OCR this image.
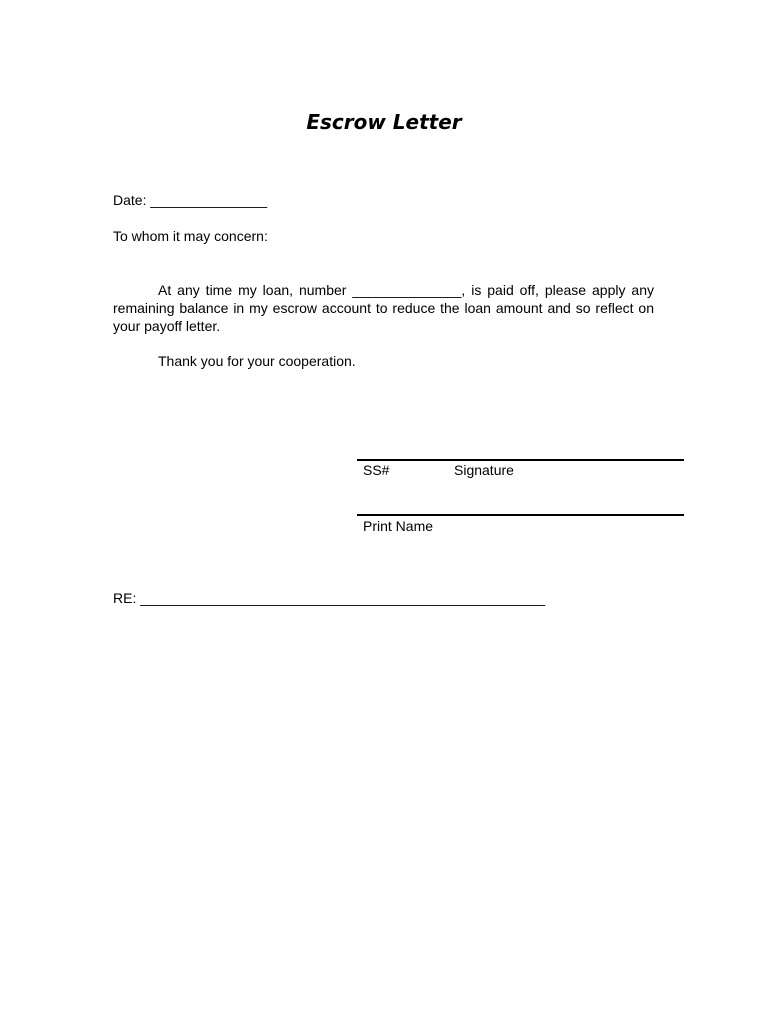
Escrow Letter
Date: _______________
To whom it may concern:

At any time my loan, number ______________, is paid off, please apply any remaining balance in my escrow account to reduce the loan amount and so reflect on your payoff letter.

Thank you for your cooperation.
SS#	Signature
Print Name
RE: ____________________________________________________
